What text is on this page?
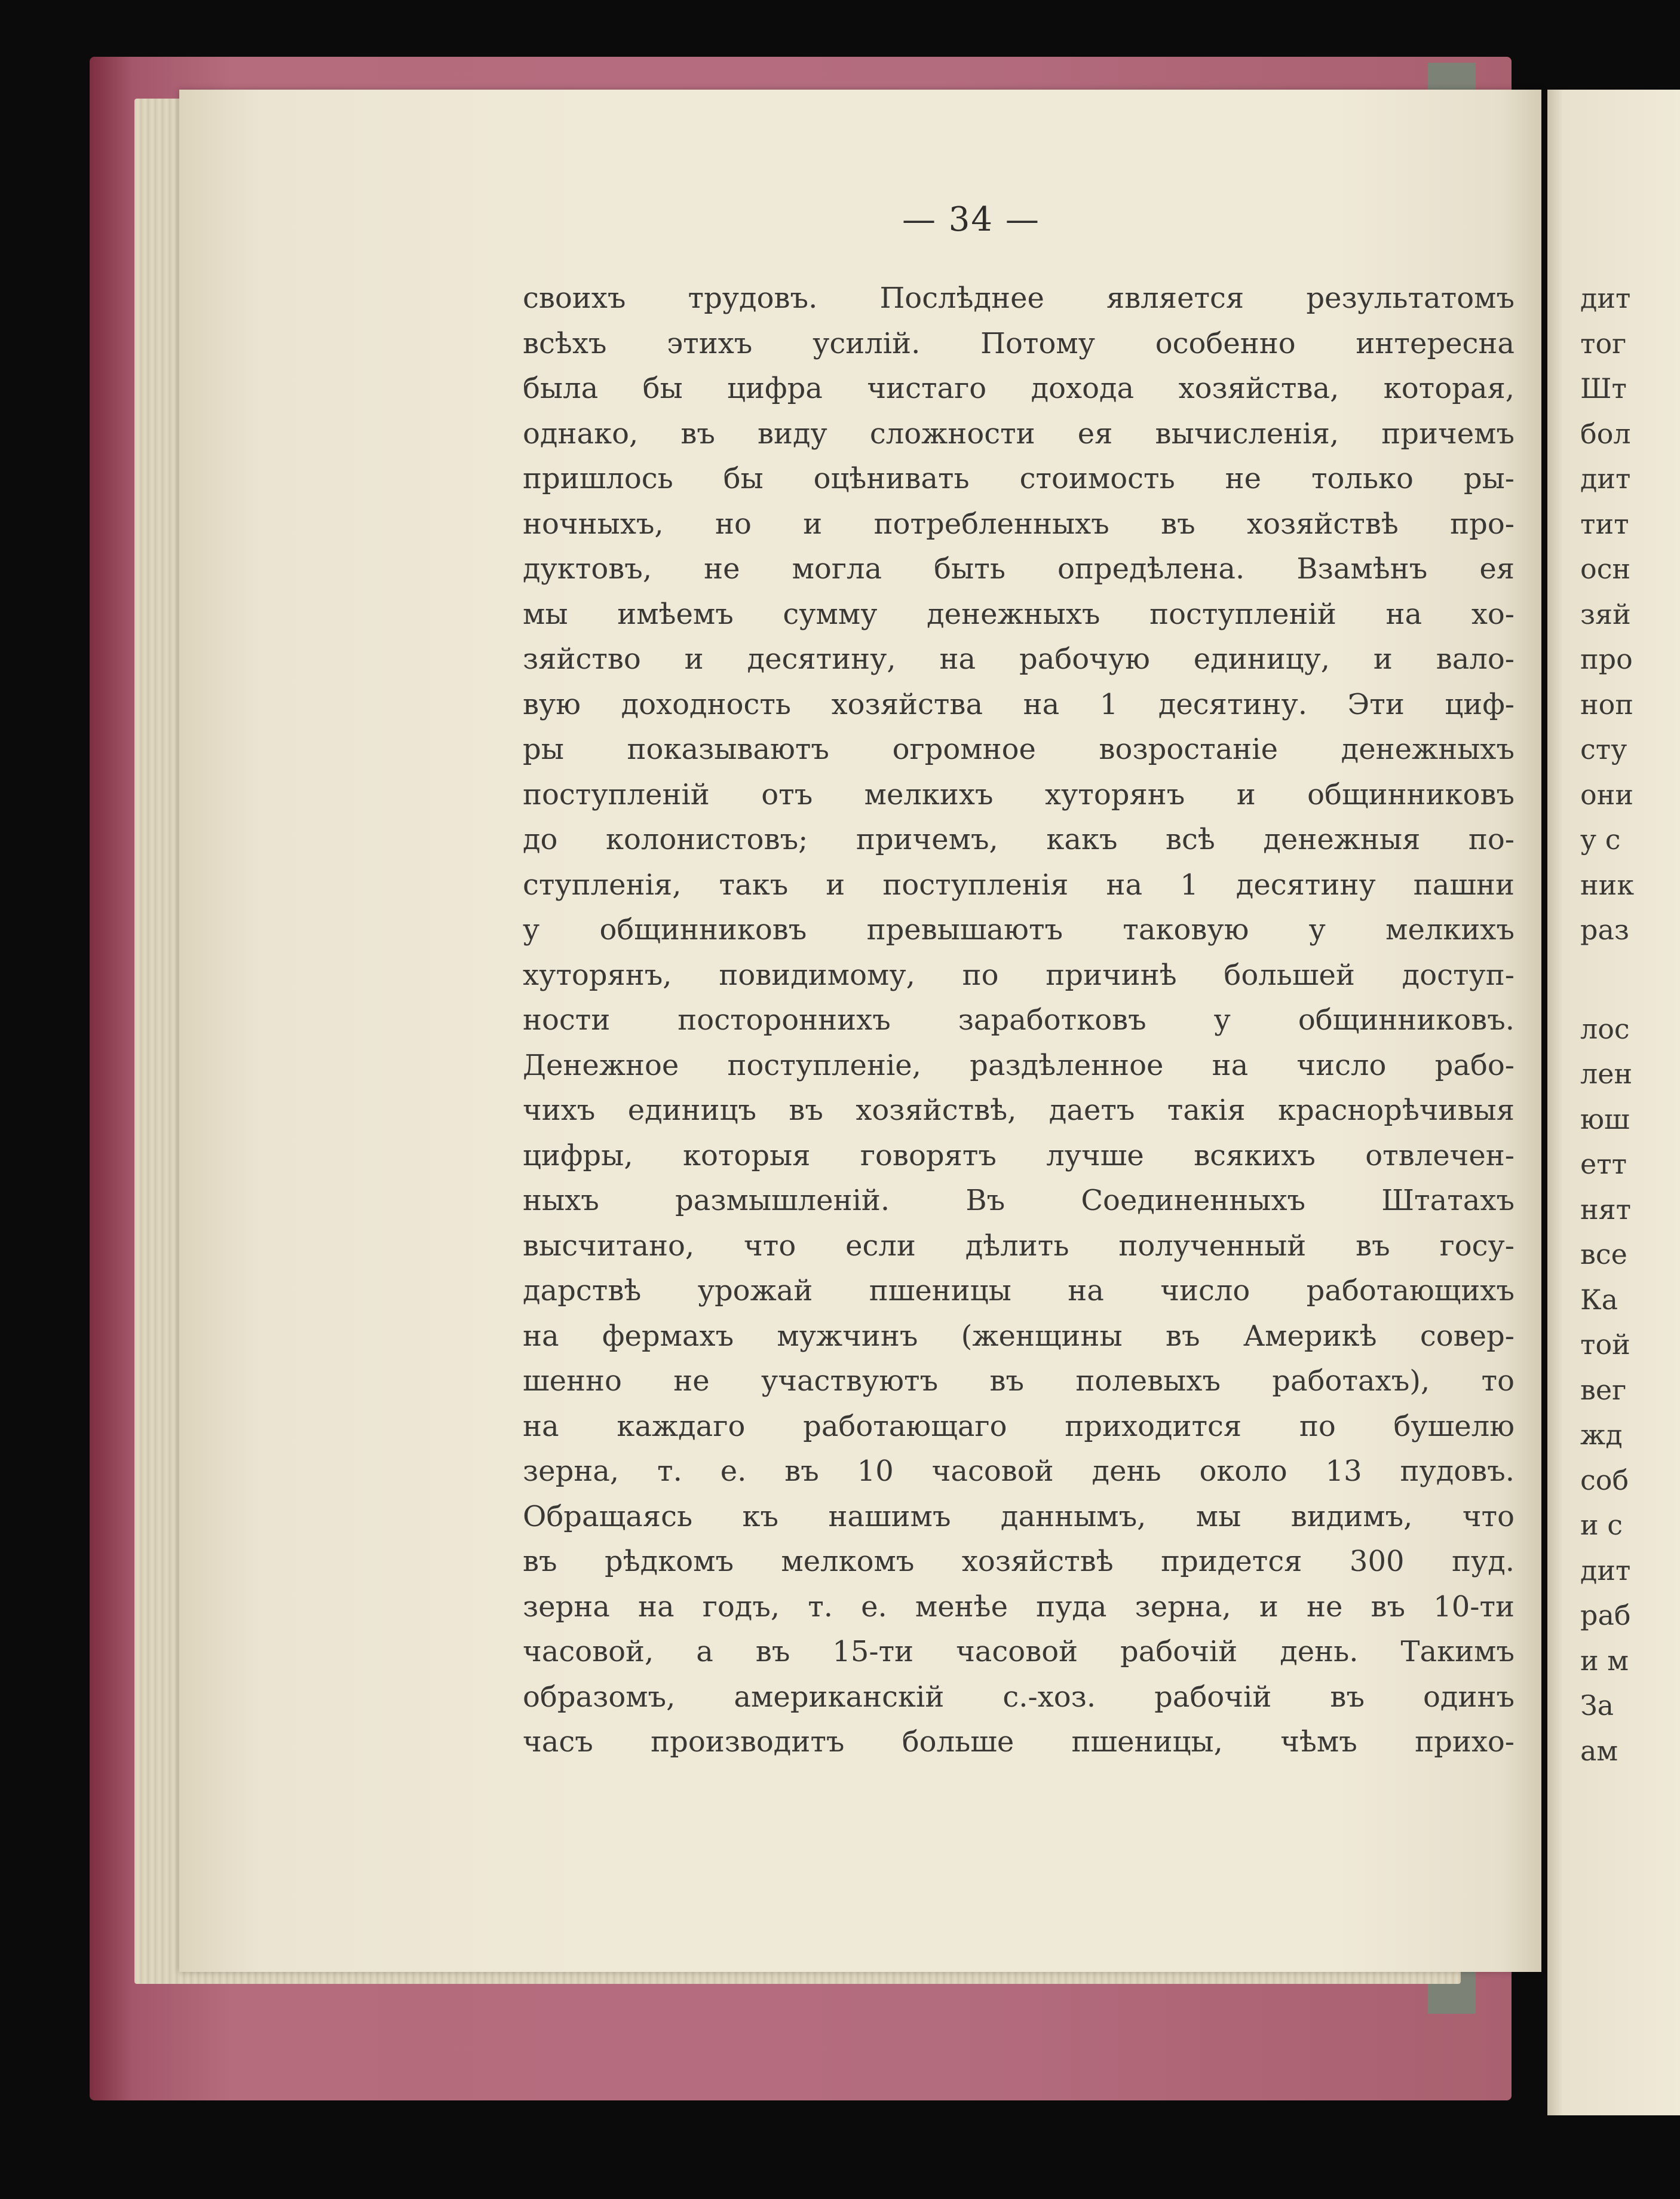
— 34 —
своихъ трудовъ. Послѣднее является результатомъ
всѣхъ этихъ усилій. Потому особенно интересна
была бы цифра чистаго дохода хозяйства, которая,
однако, въ виду сложности ея вычисленія, причемъ
пришлось бы оцѣнивать стоимость не только ры-
ночныхъ, но и потребленныхъ въ хозяйствѣ про-
дуктовъ, не могла быть опредѣлена. Взамѣнъ ея
мы имѣемъ сумму денежныхъ поступленій на хо-
зяйство и десятину, на рабочую единицу, и вало-
вую доходность хозяйства на 1 десятину. Эти циф-
ры показываютъ огромное возростаніе денежныхъ
поступленій отъ мелкихъ хуторянъ и общинниковъ
до колонистовъ; причемъ, какъ всѣ денежныя по-
ступленія, такъ и поступленія на 1 десятину пашни
у общинниковъ превышаютъ таковую у мелкихъ
хуторянъ, повидимому, по причинѣ большей доступ-
ности постороннихъ заработковъ у общинниковъ.
Денежное поступленіе, раздѣленное на число рабо-
чихъ единицъ въ хозяйствѣ, даетъ такія краснорѣчивыя
цифры, которыя говорятъ лучше всякихъ отвлечен-
ныхъ размышленій. Въ Соединенныхъ Штатахъ
высчитано, что если дѣлить полученный въ госу-
дарствѣ урожай пшеницы на число работающихъ
на фермахъ мужчинъ (женщины въ Америкѣ совер-
шенно не участвуютъ въ полевыхъ работахъ), то
на каждаго работающаго приходится по бушелю
зерна, т. е. въ 10 часовой день около 13 пудовъ.
Обращаясь къ нашимъ даннымъ, мы видимъ, что
въ рѣдкомъ мелкомъ хозяйствѣ придется 300 пуд.
зерна на годъ, т. е. менѣе пуда зерна, и не въ 10-ти
часовой, а въ 15-ти часовой рабочій день. Такимъ
образомъ, американскій с.-хоз. рабочій въ одинъ
часъ производитъ больше пшеницы, чѣмъ прихо-
дит
тог
Шт
бол
дит
тит
осн
зяй
про
ноп
сту
они
у с
ник
раз
лос
лен
юш
етт
нят
все
Ка
той
вег
жд
соб
и с
дит
раб
и м
За
ам
